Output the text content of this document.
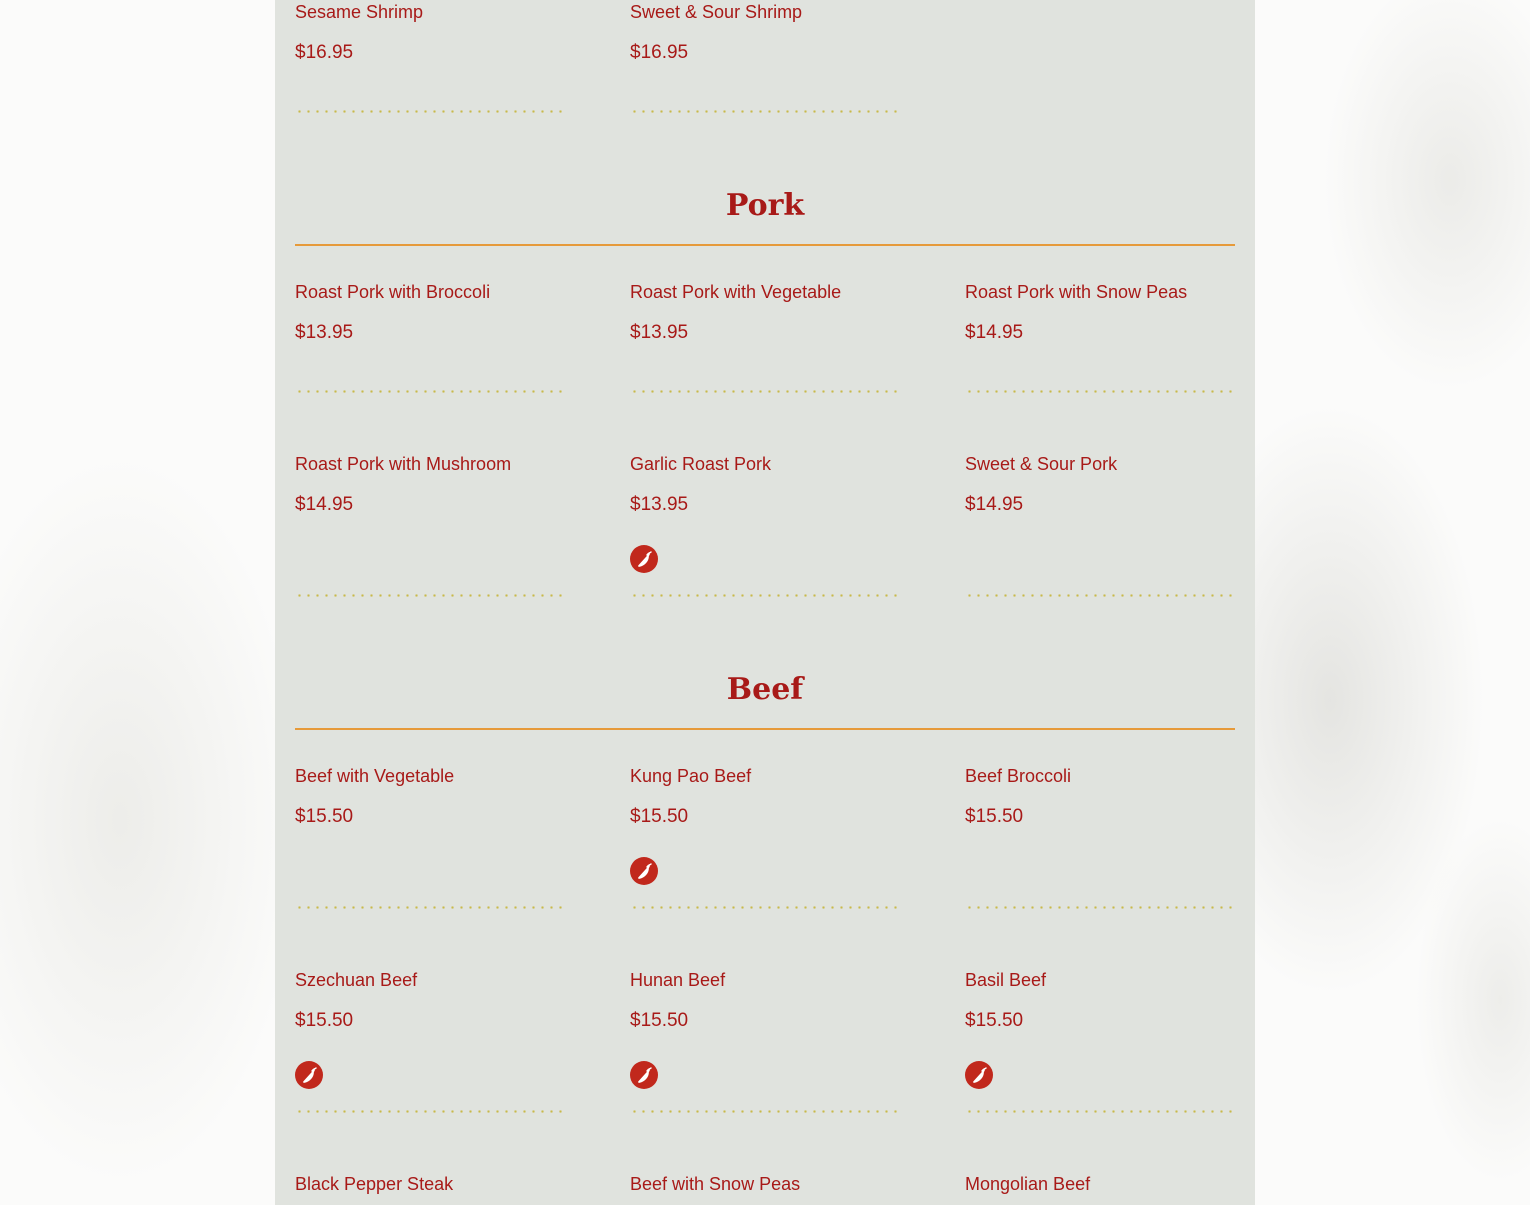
Sesame Shrimp
$16.95
Sweet & Sour Shrimp
$16.95
Pork
Roast Pork with Broccoli
$13.95
Roast Pork with Vegetable
$13.95
Roast Pork with Snow Peas
$14.95
Roast Pork with Mushroom
$14.95
Garlic Roast Pork
$13.95
Sweet & Sour Pork
$14.95
Beef
Beef with Vegetable
$15.50
Kung Pao Beef
$15.50
Beef Broccoli
$15.50
Szechuan Beef
$15.50
Hunan Beef
$15.50
Basil Beef
$15.50
Black Pepper Steak	Beef with Snow Peas	Mongolian Beef
